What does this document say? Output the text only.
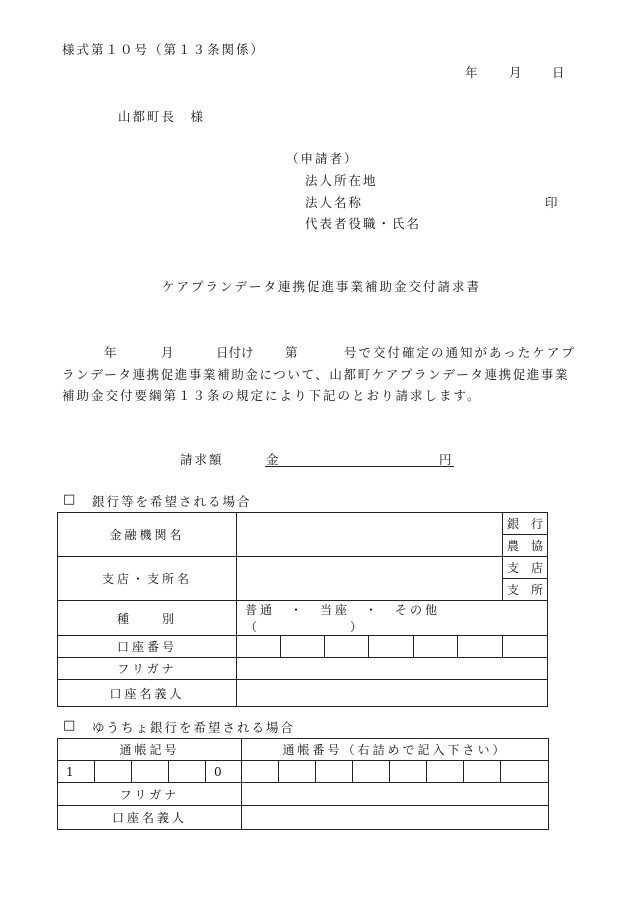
様式第１０号（第１３条関係）
年	月 日
山都町長　様
（申請者）
法人所在地
法人名称	印
代表者役職・氏名
ケアプランデータ連携促進事業補助金交付請求書
年	月	日付け	第	号で交付確定の通知があったケアプ
ランデータ連携促進事業補助金について、山都町ケアプランデータ連携促進事業
補助金交付要綱第１３条の規定により下記のとおり請求します。
請求額	金	円
□ 銀行等を希望される場合
金融機関名							銀　行
							農　協
支店・支所名							支　店
							支　所
種　　別	普通　・　当座　・　その他（　　　　　　）						
口座番号							
フリガナ							
口座名義人							
□ ゆうちょ銀行を希望される場合
通帳記号					通帳番号（右詰めで記入下さい）							
1				0								
フリガナ												
口座名義人												
